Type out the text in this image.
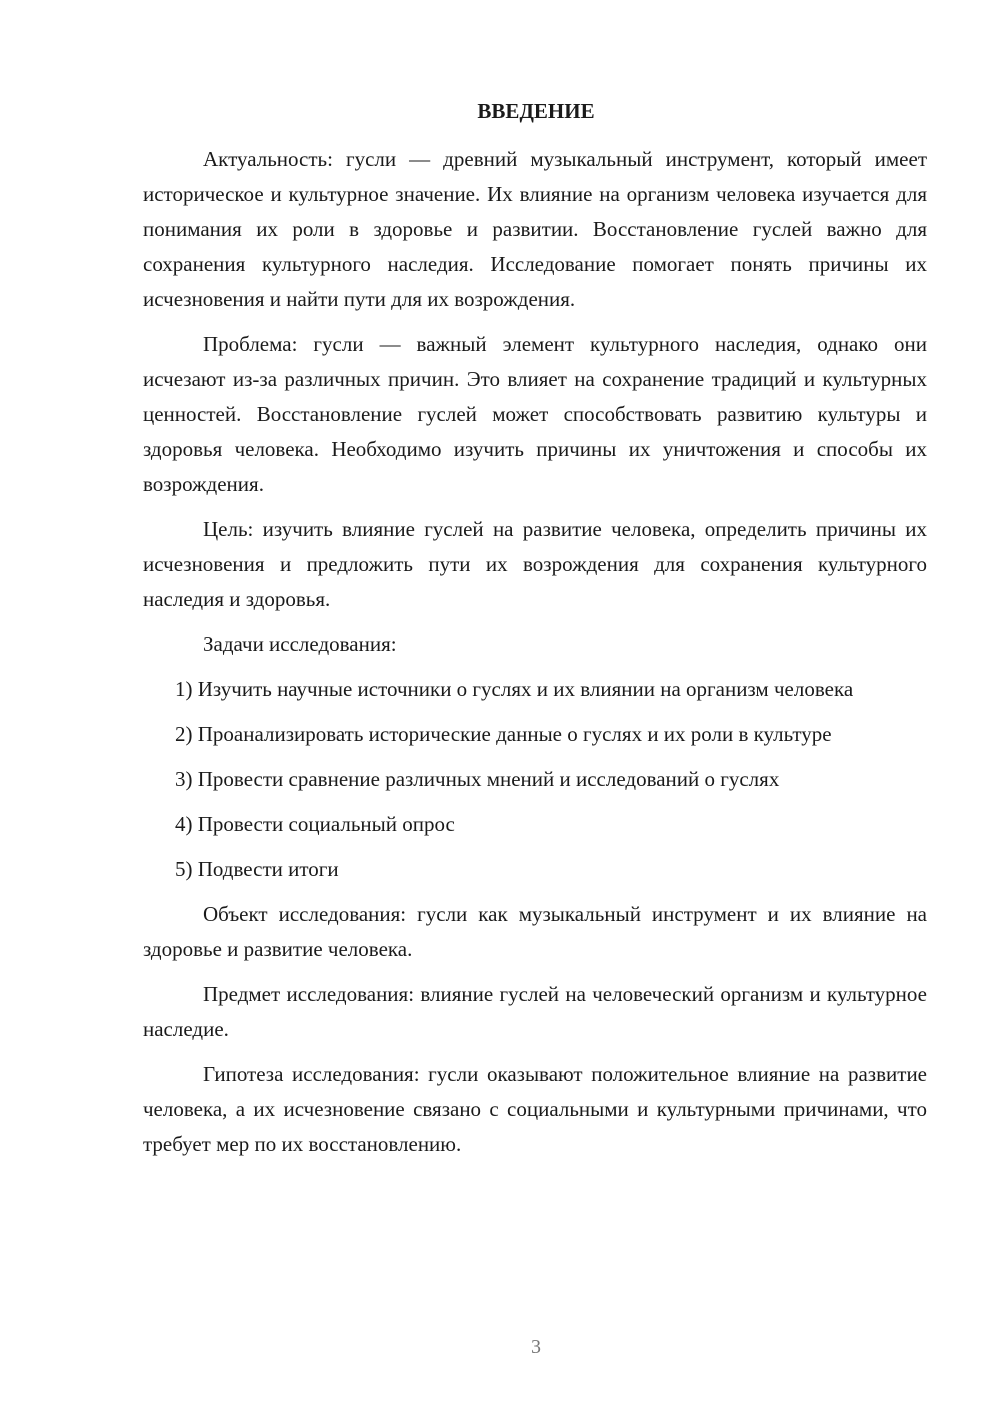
ВВЕДЕНИЕ

Актуальность: гусли — древний музыкальный инструмент, который имеет историческое и культурное значение. Их влияние на организм человека изучается для понимания их роли в здоровье и развитии. Восстановление гуслей важно для сохранения культурного наследия. Исследование помогает понять причины их исчезновения и найти пути для их возрождения.

Проблема: гусли — важный элемент культурного наследия, однако они исчезают из-за различных причин. Это влияет на сохранение традиций и культурных ценностей. Восстановление гуслей может способствовать развитию культуры и здоровья человека. Необходимо изучить причины их уничтожения и способы их возрождения.

Цель: изучить влияние гуслей на развитие человека, определить причины их исчезновения и предложить пути их возрождения для сохранения культурного наследия и здоровья.

Задачи исследования:

1) Изучить научные источники о гуслях и их влиянии на организм человека

2) Проанализировать исторические данные о гуслях и их роли в культуре

3) Провести сравнение различных мнений и исследований о гуслях

4) Провести социальный опрос

5) Подвести итоги

Объект исследования: гусли как музыкальный инструмент и их влияние на здоровье и развитие человека.

Предмет исследования: влияние гуслей на человеческий организм и культурное наследие.

Гипотеза исследования: гусли оказывают положительное влияние на развитие человека, а их исчезновение связано с социальными и культурными причинами, что требует мер по их восстановлению.

3
